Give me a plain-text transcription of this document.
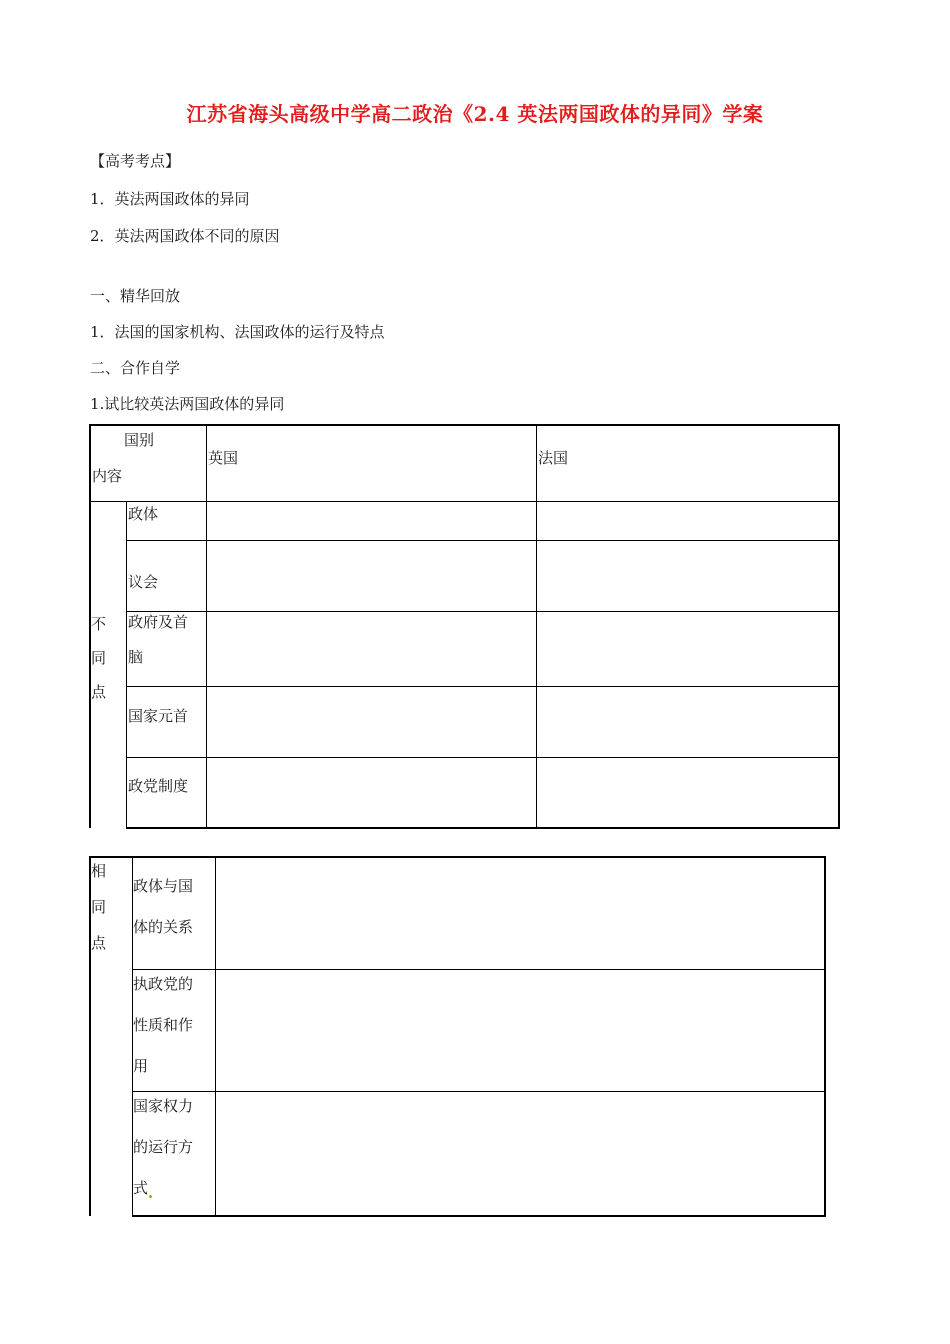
江苏省海头高级中学高二政治《2.4 英法两国政体的异同》学案
【高考考点】
1．英法两国政体的异同
2．英法两国政体不同的原因
一、精华回放
1．法国的国家机构、法国政体的运行及特点
二、合作自学
1.试比较英法两国政体的异同
国别
内容
英国	法国
不
同
点
政体
议会
政府及首
脑
国家元首
政党制度
相
同
点
政体与国
体的关系
执政党的
性质和作
用
国家权力
的运行方
式
